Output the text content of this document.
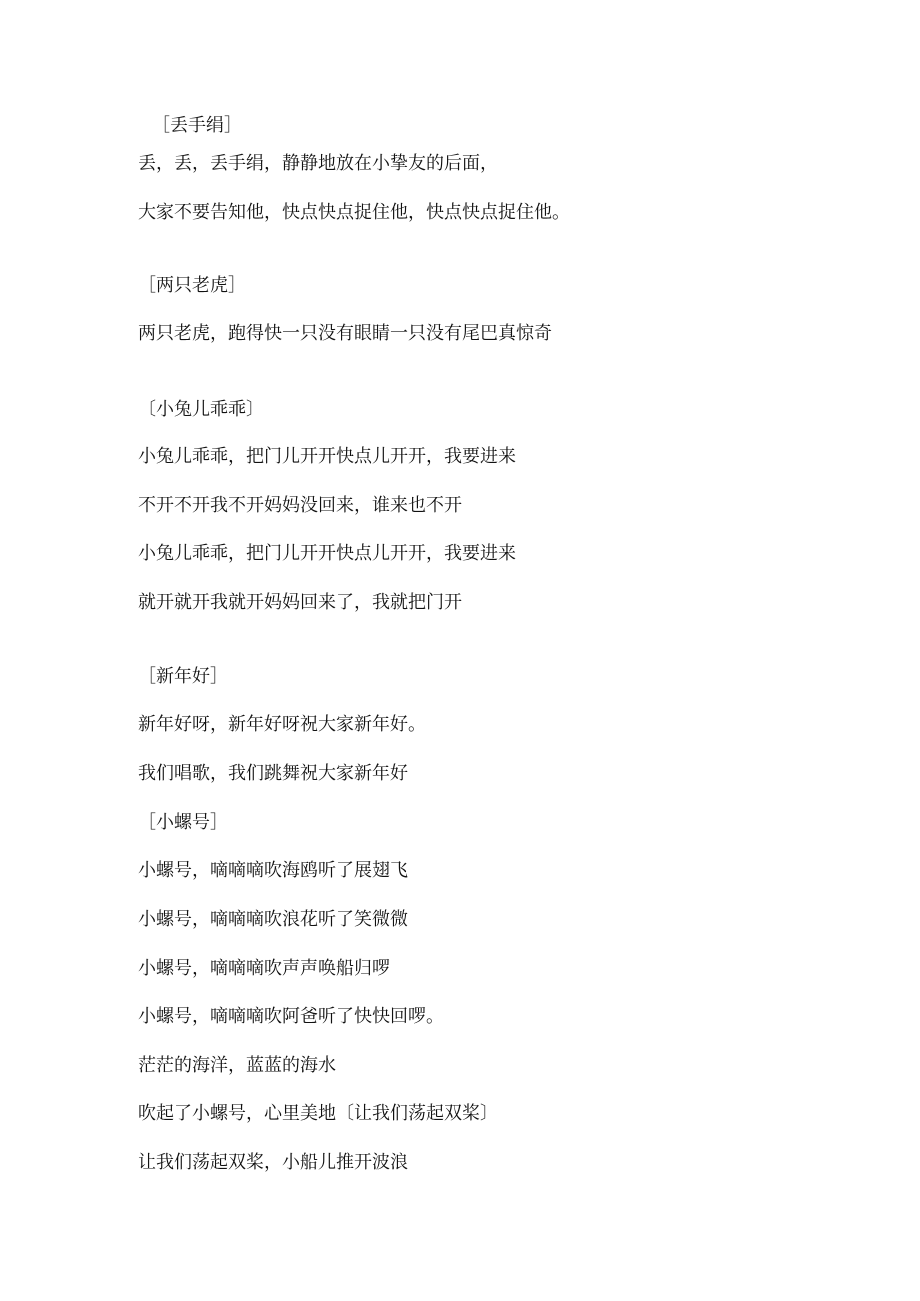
［丢手绢］

丢，丢，丢手绢，静静地放在小挚友的后面，

大家不要告知他，快点快点捉住他，快点快点捉住他。

［两只老虎］

两只老虎，跑得快一只没有眼睛一只没有尾巴真惊奇

〔小兔儿乖乖〕

小兔儿乖乖，把门儿开开快点儿开开，我要进来

不开不开我不开妈妈没回来，谁来也不开

小兔儿乖乖，把门儿开开快点儿开开，我要进来

就开就开我就开妈妈回来了，我就把门开

［新年好］

新年好呀，新年好呀祝大家新年好。

我们唱歌，我们跳舞祝大家新年好

［小螺号］

小螺号，嘀嘀嘀吹海鸥听了展翅飞

小螺号，嘀嘀嘀吹浪花听了笑微微

小螺号，嘀嘀嘀吹声声唤船归啰

小螺号，嘀嘀嘀吹阿爸听了快快回啰。

茫茫的海洋，蓝蓝的海水

吹起了小螺号，心里美地〔让我们荡起双桨〕

让我们荡起双桨，小船儿推开波浪
